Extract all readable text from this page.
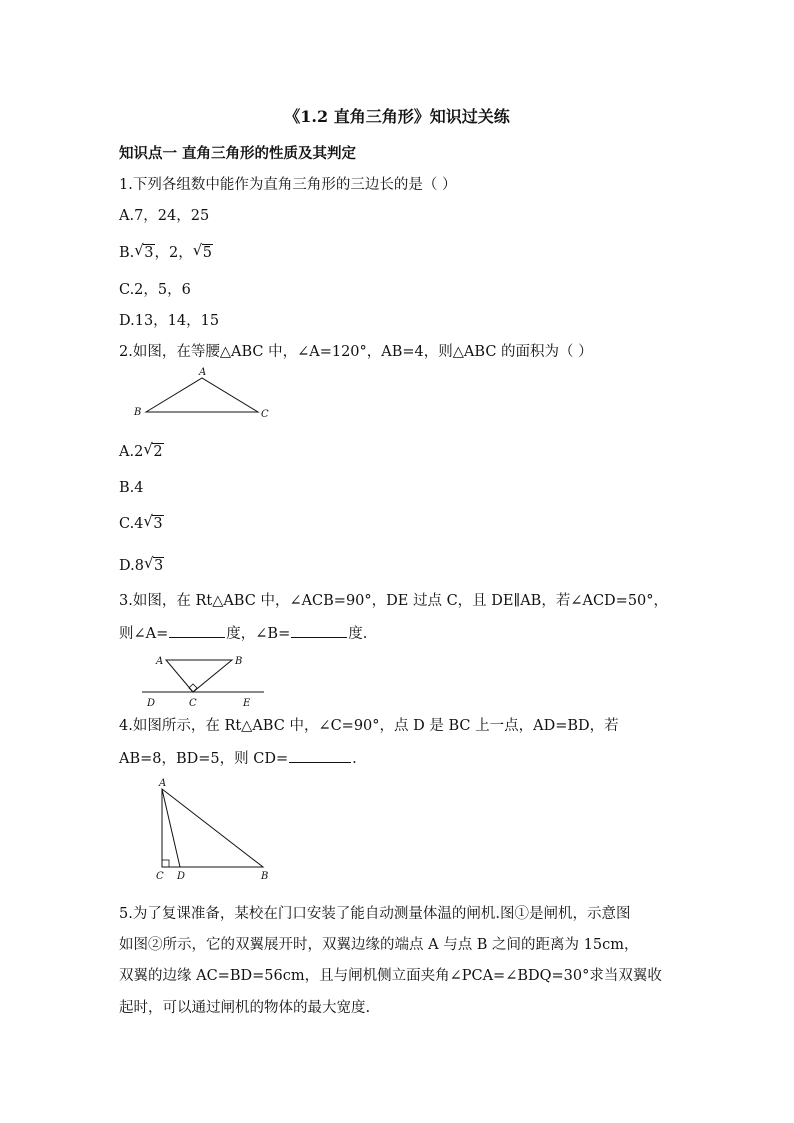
《1.2 直角三角形》知识过关练
知识点一 直角三角形的性质及其判定
1.下列各组数中能作为直角三角形的三边长的是（ ）
A.7，24，25
B. √ 3，2， √ 5
C.2，5，6
D.13，14，15
2.如图，在等腰△ABC 中，∠A=120°，AB=4，则△ABC 的面积为（ ）
A
B	C
A.2 √ 2
B.4
C.4 √ 3
D.8 √ 3
3.如图，在 Rt△ABC 中，∠ACB=90°，DE 过点 C，且 DE∥AB，若∠ACD=50°，
则∠A=	度，∠B=	度.
A	B
D	C	E
4.如图所示，在 Rt△ABC 中，∠C=90°，点 D 是 BC 上一点，AD=BD，若
AB=8，BD=5，则 CD=	.
A
C D	B
5.为了复课准备，某校在门口安装了能自动测量体温的闸机.图①是闸机，示意图
如图②所示，它的双翼展开时，双翼边缘的端点 A 与点 B 之间的距离为 15cm，
双翼的边缘 AC=BD=56cm，且与闸机侧立面夹角∠PCA=∠BDQ=30°求当双翼收
起时，可以通过闸机的物体的最大宽度.
